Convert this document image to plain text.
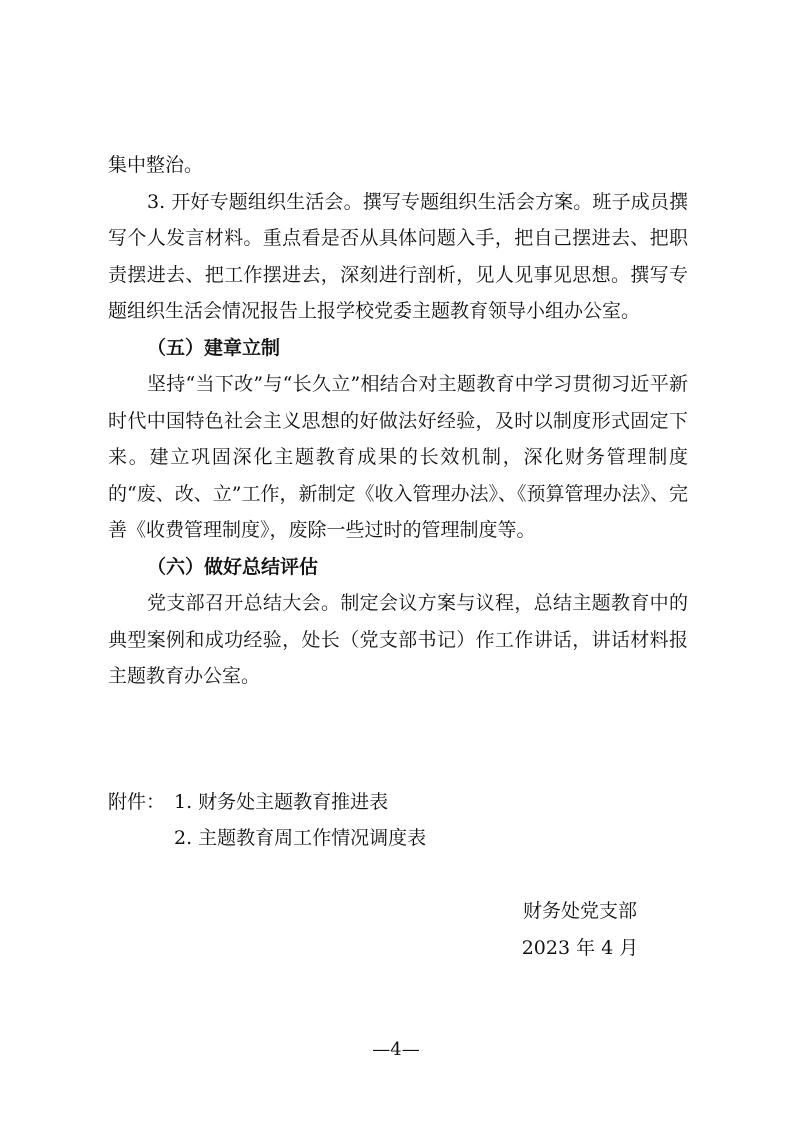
集中整治。

3. 开好专题组织生活会。撰写专题组织生活会方案。班子成员撰写个人发言材料。重点看是否从具体问题入手，把自己摆进去、把职责摆进去、把工作摆进去，深刻进行剖析，见人见事见思想。撰写专题组织生活会情况报告上报学校党委主题教育领导小组办公室。

（五）建章立制

坚持“当下改”与“长久立”相结合对主题教育中学习贯彻习近平新时代中国特色社会主义思想的好做法好经验，及时以制度形式固定下来。建立巩固深化主题教育成果的长效机制，深化财务管理制度的“废、改、立”工作，新制定《收入管理办法》、《预算管理办法》、完善《收费管理制度》，废除一些过时的管理制度等。

（六）做好总结评估

党支部召开总结大会。制定会议方案与议程，总结主题教育中的典型案例和成功经验，处长（党支部书记）作工作讲话，讲话材料报主题教育办公室。

附件： 1. 财务处主题教育推进表
2. 主题教育周工作情况调度表
财务处党支部
2023 年 4 月
—4—
